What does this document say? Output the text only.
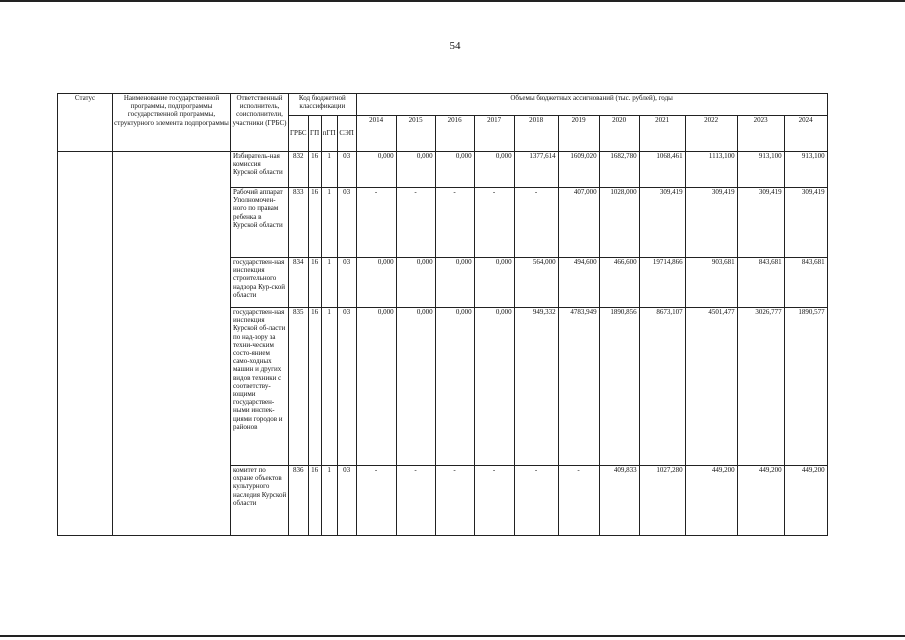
54
Статус	Наименование государственной программы, подпрограммы государственной программы, структурного элемента подпрограммы	Ответственный исполнитель, соисполнители, участники (ГРБС)	Код бюджетной классификации				Объемы бюджетных ассигнований (тыс. рублей), годы										
			ГРБС	ГП	пГП	СЭП	2014	2015	2016	2017	2018	2019	2020	2021	2022	2023	2024
		Избиратель-ная комиссия Курской области	832	16	1	03	0,000	0,000	0,000	0,000	1377,614	1609,020	1682,780	1068,461	1113,100	913,100	913,100
		Рабочий аппарат Уполномочен-ного по правам ребенка в Курской области	833	16	1	03	-	-	-	-	-	407,000	1028,000	309,419	309,419	309,419	309,419
		государствен-ная инспекция строительного надзора Кур-ской области	834	16	1	03	0,000	0,000	0,000	0,000	564,000	494,600	466,600	19714,866	903,681	843,681	843,681
		государствен-ная инспекция Курской об-ласти по над-зору за техни-ческим состо-янием само-ходных машин и других видов техники с соответству-ющими государствен-ными инспек-циями городов и районов	835	16	1	03	0,000	0,000	0,000	0,000	949,332	4783,949	1890,856	8673,107	4501,477	3026,777	1890,577
		комитет по охране объектов культурного наследия Курской области	836	16	1	03	-	-	-	-	-	-	409,833	1027,280	449,200	449,200	449,200
